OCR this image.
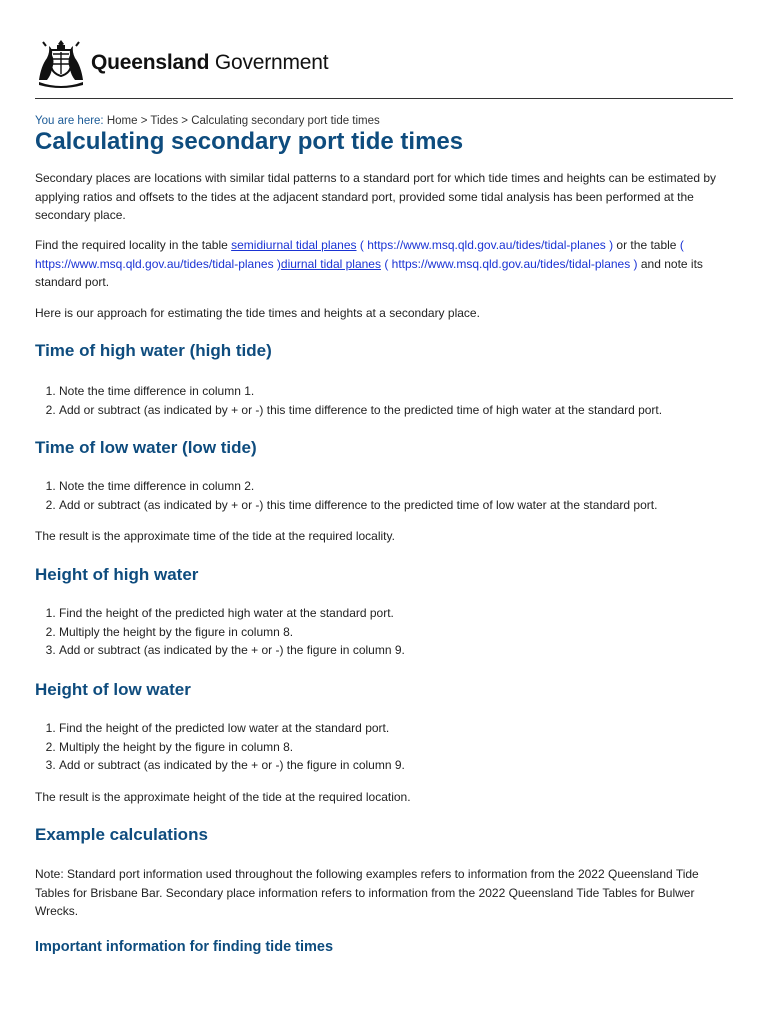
Queensland Government
You are here: Home > Tides > Calculating secondary port tide times
Calculating secondary port tide times

Secondary places are locations with similar tidal patterns to a standard port for which tide times and heights can be estimated by applying ratios and offsets to the tides at the adjacent standard port, provided some tidal analysis has been performed at the secondary place.

Find the required locality in the table semidiurnal tidal planes ( https://www.msq.qld.gov.au/tides/tidal-planes ) or the table ( https://www.msq.qld.gov.au/tides/tidal-planes )diurnal tidal planes ( https://www.msq.qld.gov.au/tides/tidal-planes ) and note its standard port.

Here is our approach for estimating the tide times and heights at a secondary place.

Time of high water (high tide)
1. Note the time difference in column 1.
2. Add or subtract (as indicated by + or -) this time difference to the predicted time of high water at the standard port.
Time of low water (low tide)
1. Note the time difference in column 2.
2. Add or subtract (as indicated by + or -) this time difference to the predicted time of low water at the standard port.

The result is the approximate time of the tide at the required locality.

Height of high water
1. Find the height of the predicted high water at the standard port.
2. Multiply the height by the figure in column 8.
3. Add or subtract (as indicated by the + or -) the figure in column 9.
Height of low water
1. Find the height of the predicted low water at the standard port.
2. Multiply the height by the figure in column 8.
3. Add or subtract (as indicated by the + or -) the figure in column 9.

The result is the approximate height of the tide at the required location.

Example calculations

Note: Standard port information used throughout the following examples refers to information from the 2022 Queensland Tide Tables for Brisbane Bar. Secondary place information refers to information from the 2022 Queensland Tide Tables for Bulwer Wrecks.

Important information for finding tide times
